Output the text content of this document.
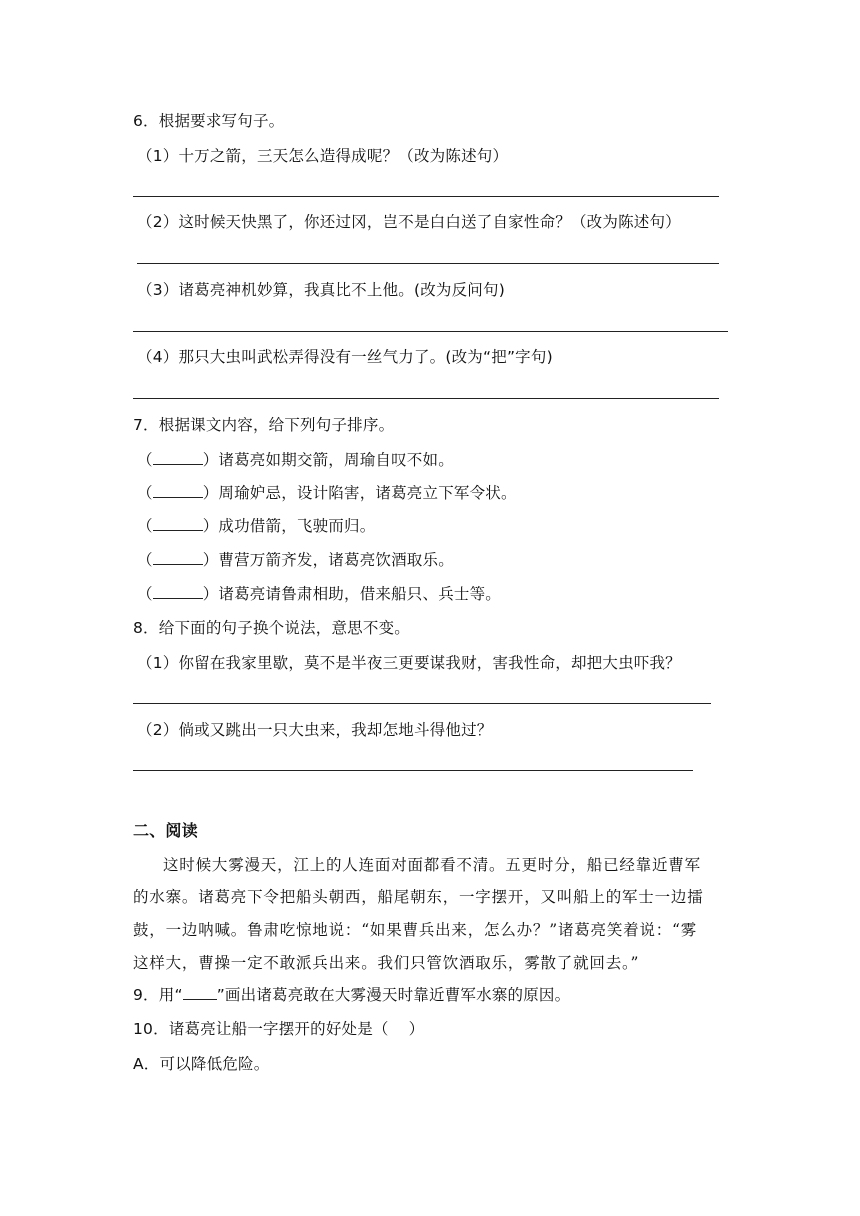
6．根据要求写句子。
（1）十万之箭，三天怎么造得成呢？（改为陈述句）
（2）这时候天快黑了，你还过冈，岂不是白白送了自家性命？（改为陈述句）
（3）诸葛亮神机妙算，我真比不上他。(改为反问句)
（4）那只大虫叫武松弄得没有一丝气力了。(改为“把”字句)
7．根据课文内容，给下列句子排序。
（	）诸葛亮如期交箭，周瑜自叹不如。
（	）周瑜妒忌，设计陷害，诸葛亮立下军令状。
（	）成功借箭，飞驶而归。
（	）曹营万箭齐发，诸葛亮饮酒取乐。
（	）诸葛亮请鲁肃相助，借来船只、兵士等。
8．给下面的句子换个说法，意思不变。
（1）你留在我家里歇，莫不是半夜三更要谋我财，害我性命，却把大虫吓我？
（2）倘或又跳出一只大虫来，我却怎地斗得他过？
二、阅读
这时候大雾漫天，江上的人连面对面都看不清。五更时分，船已经靠近曹军
的水寨。诸葛亮下令把船头朝西，船尾朝东，一字摆开，又叫船上的军士一边擂
鼓，一边呐喊。鲁肃吃惊地说：“如果曹兵出来，怎么办？”诸葛亮笑着说：“雾
这样大，曹操一定不敢派兵出来。我们只管饮酒取乐，雾散了就回去。”
9．用“ ”画出诸葛亮敢在大雾漫天时靠近曹军水寨的原因。
10．诸葛亮让船一字摆开的好处是（ ）
A．可以降低危险。
